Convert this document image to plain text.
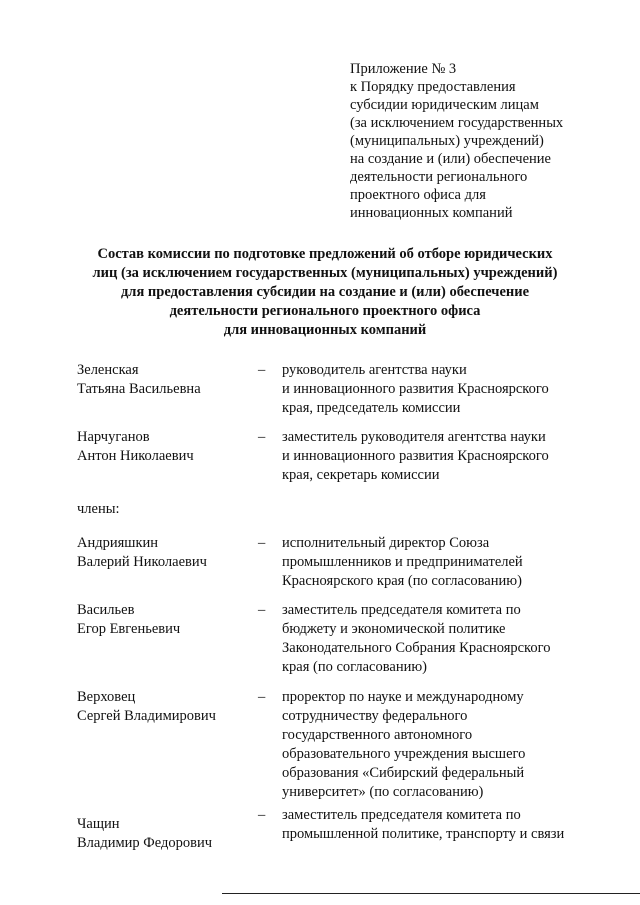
Приложение № 3
к Порядку предоставления
субсидии юридическим лицам
(за исключением государственных
(муниципальных) учреждений)
на создание и (или) обеспечение
деятельности регионального
проектного офиса для
инновационных компаний
Состав комиссии по подготовке предложений об отборе юридических
лиц (за исключением государственных (муниципальных) учреждений)
для предоставления субсидии на создание и (или) обеспечение
деятельности регионального проектного офиса
для инновационных компаний
Зеленская
Татьяна Васильевна
–	руководитель агентства науки
и инновационного развития Красноярского
края, председатель комиссии
Нарчуганов
Антон Николаевич
–	заместитель руководителя агентства науки
и инновационного развития Красноярского
края, секретарь комиссии
члены:
Андрияшкин
Валерий Николаевич
–	исполнительный директор Союза
промышленников и предпринимателей
Красноярского края (по согласованию)
Васильев
Егор Евгеньевич
–	заместитель председателя комитета по
бюджету и экономической политике
Законодательного Собрания Красноярского
края (по согласованию)
Верховец
Сергей Владимирович
–	проректор по науке и международному
сотрудничеству федерального
государственного автономного
образовательного учреждения высшего
образования «Сибирский федеральный
университет» (по согласованию)
Чащин
Владимир Федорович
–	заместитель председателя комитета по
промышленной политике, транспорту и связи
